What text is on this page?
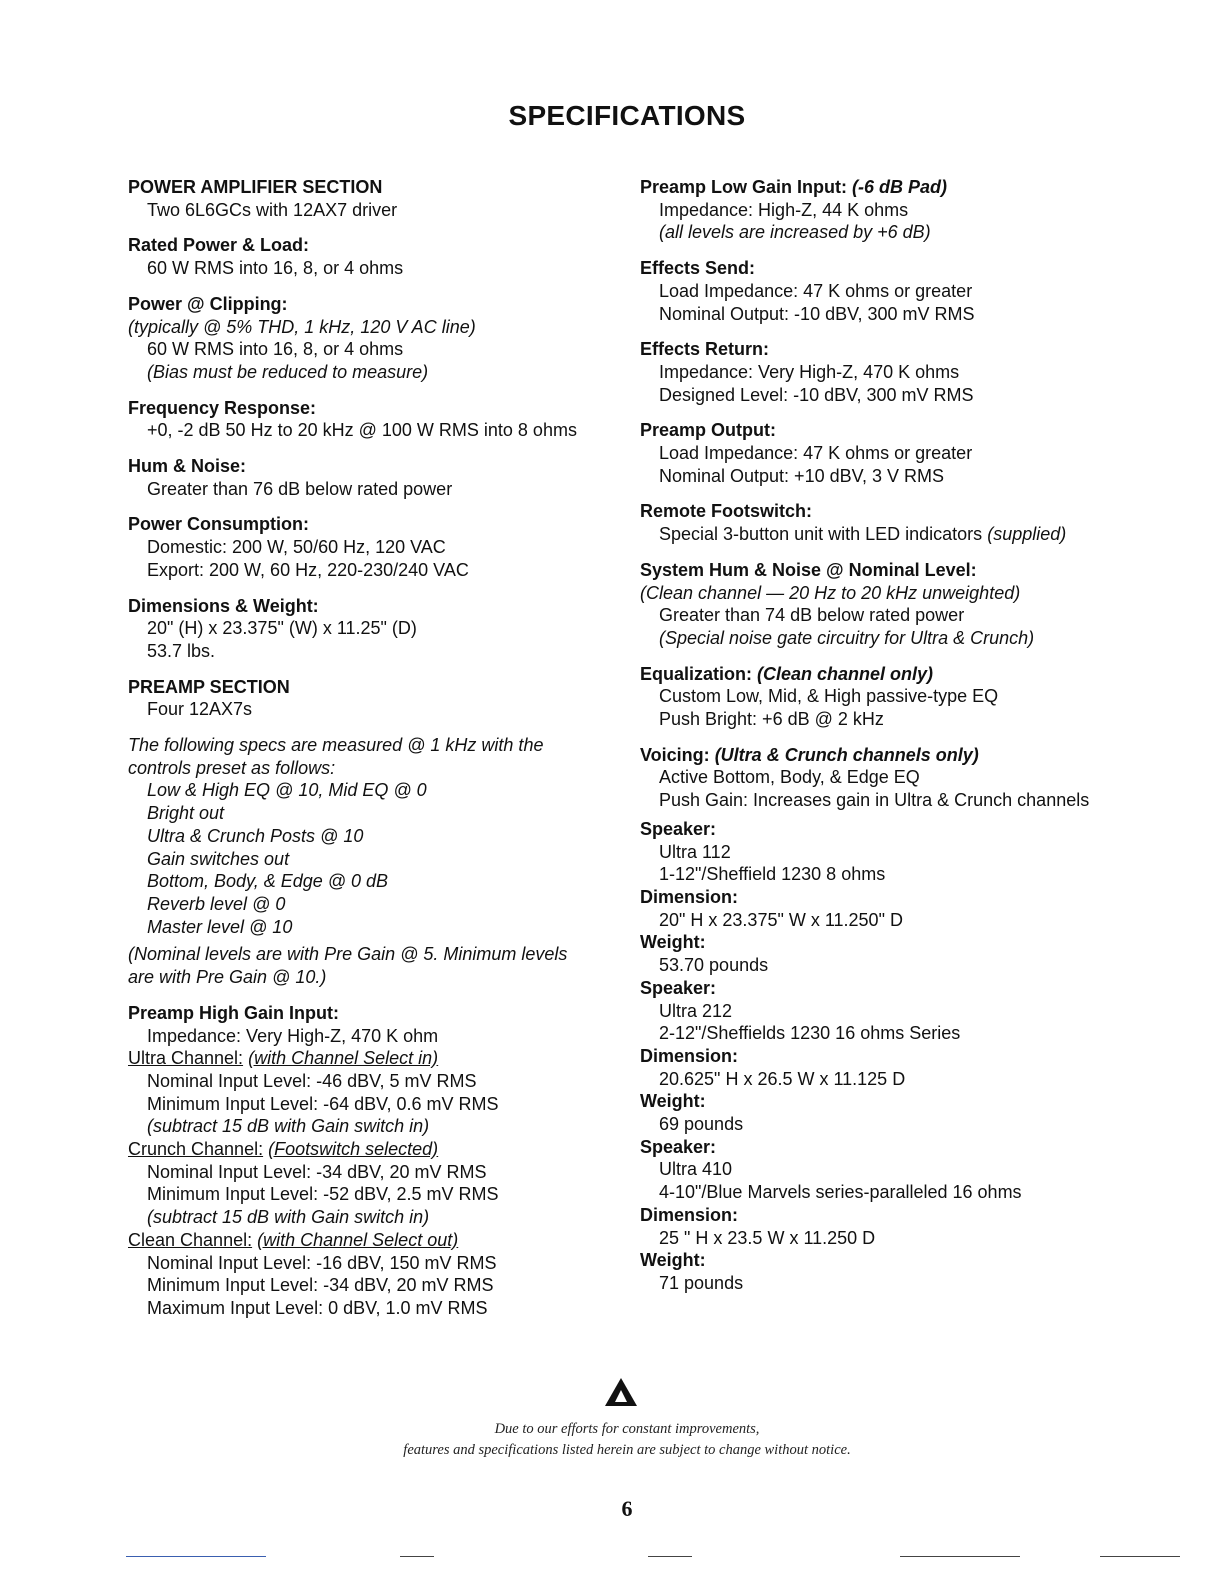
SPECIFICATIONS
POWER AMPLIFIER SECTION
Two 6L6GCs with 12AX7 driver
Rated Power & Load:
60 W RMS into 16, 8, or 4 ohms
Power @ Clipping:
(typically @ 5% THD, 1 kHz, 120 V AC line)
60 W RMS into 16, 8, or 4 ohms
(Bias must be reduced to measure)
Frequency Response:
+0, -2 dB 50 Hz to 20 kHz @ 100 W RMS into 8 ohms
Hum & Noise:
Greater than 76 dB below rated power
Power Consumption:
Domestic: 200 W, 50/60 Hz, 120 VAC
Export: 200 W, 60 Hz, 220-230/240 VAC
Dimensions & Weight:
20" (H) x 23.375" (W) x 11.25" (D)
53.7 lbs.
PREAMP SECTION
Four 12AX7s
The following specs are measured @ 1 kHz with the
controls preset as follows:
Low & High EQ @ 10, Mid EQ @ 0
Bright out
Ultra & Crunch Posts @ 10
Gain switches out
Bottom, Body, & Edge @ 0 dB
Reverb level @ 0
Master level @ 10
(Nominal levels are with Pre Gain @ 5. Minimum levels
are with Pre Gain @ 10.)
Preamp High Gain Input:
Impedance: Very High-Z, 470 K ohm
Ultra Channel: (with Channel Select in)
Nominal Input Level: -46 dBV, 5 mV RMS
Minimum Input Level: -64 dBV, 0.6 mV RMS
(subtract 15 dB with Gain switch in)
Crunch Channel: (Footswitch selected)
Nominal Input Level: -34 dBV, 20 mV RMS
Minimum Input Level: -52 dBV, 2.5 mV RMS
(subtract 15 dB with Gain switch in)
Clean Channel: (with Channel Select out)
Nominal Input Level: -16 dBV, 150 mV RMS
Minimum Input Level: -34 dBV, 20 mV RMS
Maximum Input Level: 0 dBV, 1.0 mV RMS
Preamp Low Gain Input: (-6 dB Pad)
Impedance: High-Z, 44 K ohms
(all levels are increased by +6 dB)
Effects Send:
Load Impedance: 47 K ohms or greater
Nominal Output: -10 dBV, 300 mV RMS
Effects Return:
Impedance: Very High-Z, 470 K ohms
Designed Level: -10 dBV, 300 mV RMS
Preamp Output:
Load Impedance: 47 K ohms or greater
Nominal Output: +10 dBV, 3 V RMS
Remote Footswitch:
Special 3-button unit with LED indicators (supplied)
System Hum & Noise @ Nominal Level:
(Clean channel — 20 Hz to 20 kHz unweighted)
Greater than 74 dB below rated power
(Special noise gate circuitry for Ultra & Crunch)
Equalization: (Clean channel only)
Custom Low, Mid, & High passive-type EQ
Push Bright: +6 dB @ 2 kHz
Voicing: (Ultra & Crunch channels only)
Active Bottom, Body, & Edge EQ
Push Gain: Increases gain in Ultra & Crunch channels
Speaker:
Ultra 112
1-12"/Sheffield 1230 8 ohms
Dimension:
20" H x 23.375" W x 11.250" D
Weight:
53.70 pounds
Speaker:
Ultra 212
2-12"/Sheffields 1230 16 ohms Series
Dimension:
20.625" H x 26.5 W x 11.125 D
Weight:
69 pounds
Speaker:
Ultra 410
4-10"/Blue Marvels series-paralleled 16 ohms
Dimension:
25 " H x 23.5 W x 11.250 D
Weight:
71 pounds
Due to our efforts for constant improvements,
features and specifications listed herein are subject to change without notice.
6
